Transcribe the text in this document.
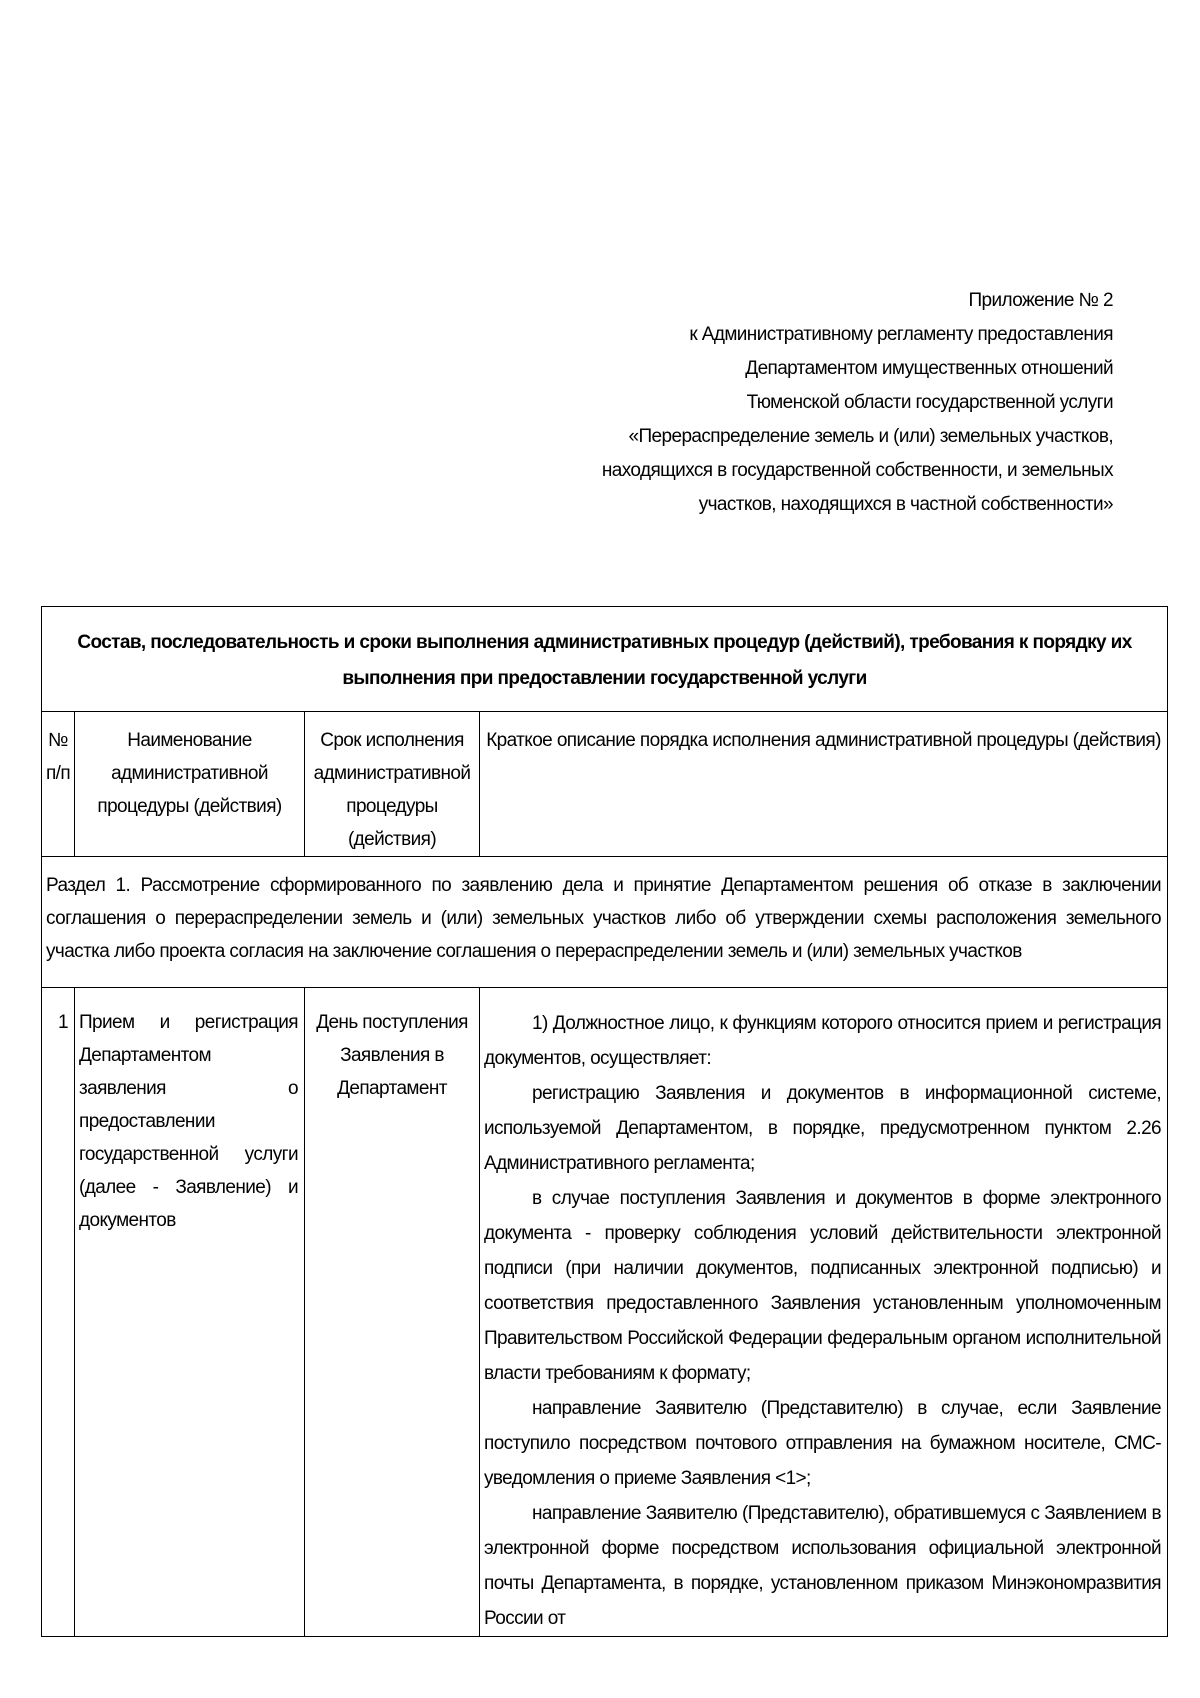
Приложение № 2
к Административному регламенту предоставления
Департаментом имущественных отношений
Тюменской области государственной услуги
«Перераспределение земель и (или) земельных участков,
находящихся в государственной собственности, и земельных
участков, находящихся в частной собственности»
Состав, последовательность и сроки выполнения административных процедур (действий), требования к порядку их выполнения при предоставлении государственной услуги			
№ п/п	Наименование административной процедуры (действия)	Срок исполнения административной процедуры (действия)	Краткое описание порядка исполнения административной процедуры (действия)
Раздел 1. Рассмотрение сформированного по заявлению дела и принятие Департаментом решения об отказе в заключении соглашения о перераспределении земель и (или) земельных участков либо об утверждении схемы расположения земельного участка либо проекта согласия на заключение соглашения о перераспределении земель и (или) земельных участков			
1	Прием и регистрация Департаментом заявления о предоставлении государственной услуги (далее - Заявление) и документов	День поступления Заявления в Департамент	1) Должностное лицо, к функциям которого относится прием и регистрация документов, осуществляет:

регистрацию Заявления и документов в информационной системе, используемой Департаментом, в порядке, предусмотренном пунктом 2.26 Административного регламента;

в случае поступления Заявления и документов в форме электронного документа - проверку соблюдения условий действительности электронной подписи (при наличии документов, подписанных электронной подписью) и соответствия предоставленного Заявления установленным уполномоченным Правительством Российской Федерации федеральным органом исполнительной власти требованиям к формату;

направление Заявителю (Представителю) в случае, если Заявление поступило посредством почтового отправления на бумажном носителе, СМС-уведомления о приеме Заявления <1>;

направление Заявителю (Представителю), обратившемуся с Заявлением в электронной форме посредством использования официальной электронной почты Департамента, в порядке, установленном приказом Минэкономразвития России от
